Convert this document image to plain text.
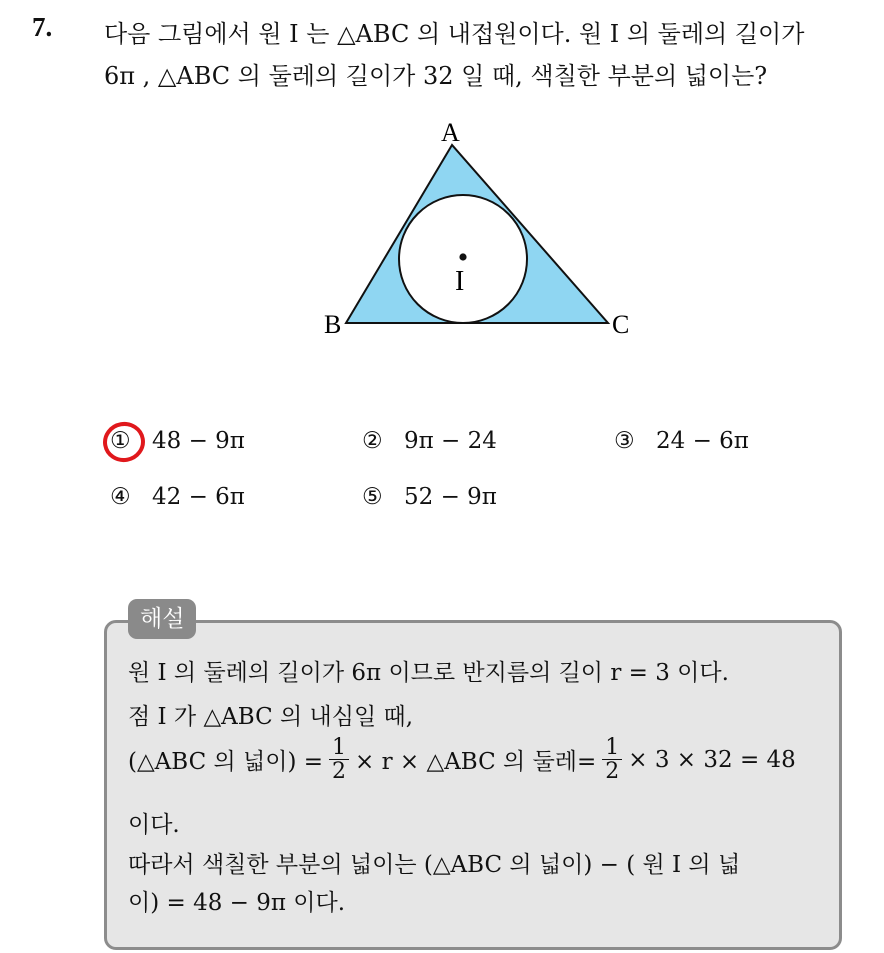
7. 다음 그림에서 원 I 는 △ABC 의 내접원이다. 원 I 의 둘레의 길이가
6π , △ABC 의 둘레의 길이가 32 일 때, 색칠한 부분의 넓이는?
A
B	C
I
① 48 − 9π	② 9π − 24	③ 24 − 6π
④ 42 − 6π	⑤ 52 − 9π
해설
원 I 의 둘레의 길이가 6π 이므로 반지름의 길이 r = 3 이다.
점 I 가 △ABC 의 내심일 때,
(△ABC 의 넓이) = $\frac{1}{2} \times r$ × △ABC 의 둘레= $\frac{1}{2} \times 3 \times 32 = 48$
이다.
따라서 색칠한 부분의 넓이는 (△ABC 의 넓이) − ( 원 I 의 넓
이) = 48 − 9π 이다.
